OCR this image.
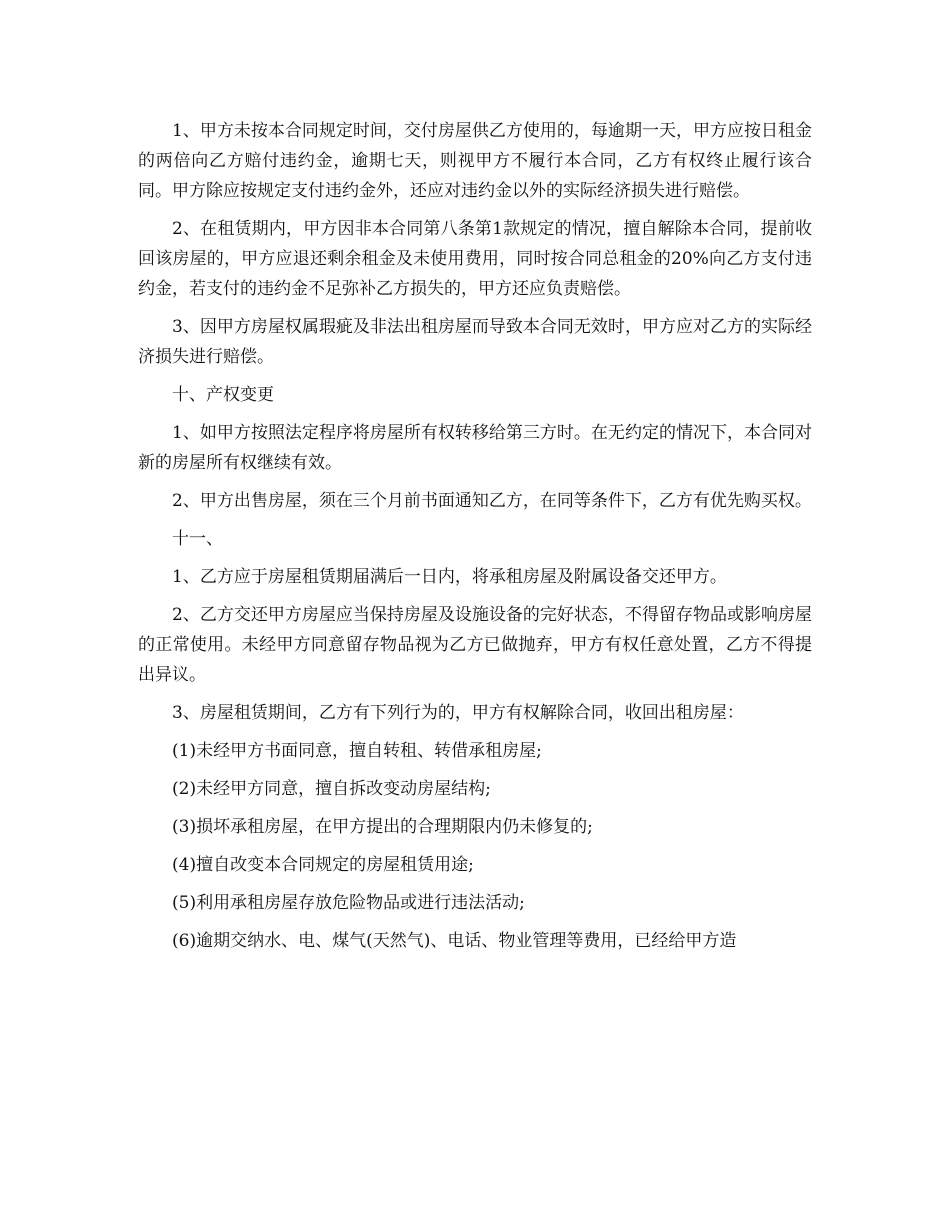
1、甲方未按本合同规定时间，交付房屋供乙方使用的，每逾期一天，甲方应按日租金的两倍向乙方赔付违约金，逾期七天，则视甲方不履行本合同，乙方有权终止履行该合同。甲方除应按规定支付违约金外，还应对违约金以外的实际经济损失进行赔偿。

2、在租赁期内，甲方因非本合同第八条第1款规定的情况，擅自解除本合同，提前收回该房屋的，甲方应退还剩余租金及未使用费用，同时按合同总租金的20%向乙方支付违约金，若支付的违约金不足弥补乙方损失的，甲方还应负责赔偿。

3、因甲方房屋权属瑕疵及非法出租房屋而导致本合同无效时，甲方应对乙方的实际经济损失进行赔偿。

十、产权变更

1、如甲方按照法定程序将房屋所有权转移给第三方时。在无约定的情况下，本合同对新的房屋所有权继续有效。

2、甲方出售房屋，须在三个月前书面通知乙方，在同等条件下，乙方有优先购买权。

十一、

1、乙方应于房屋租赁期届满后一日内，将承租房屋及附属设备交还甲方。

2、乙方交还甲方房屋应当保持房屋及设施设备的完好状态，不得留存物品或影响房屋的正常使用。未经甲方同意留存物品视为乙方已做抛弃，甲方有权任意处置，乙方不得提出异议。

3、房屋租赁期间，乙方有下列行为的，甲方有权解除合同，收回出租房屋：

(1)未经甲方书面同意，擅自转租、转借承租房屋;

(2)未经甲方同意，擅自拆改变动房屋结构;

(3)损坏承租房屋，在甲方提出的合理期限内仍未修复的;

(4)擅自改变本合同规定的房屋租赁用途;

(5)利用承租房屋存放危险物品或进行违法活动;

(6)逾期交纳水、电、煤气(天然气)、电话、物业管理等费用，已经给甲方造
